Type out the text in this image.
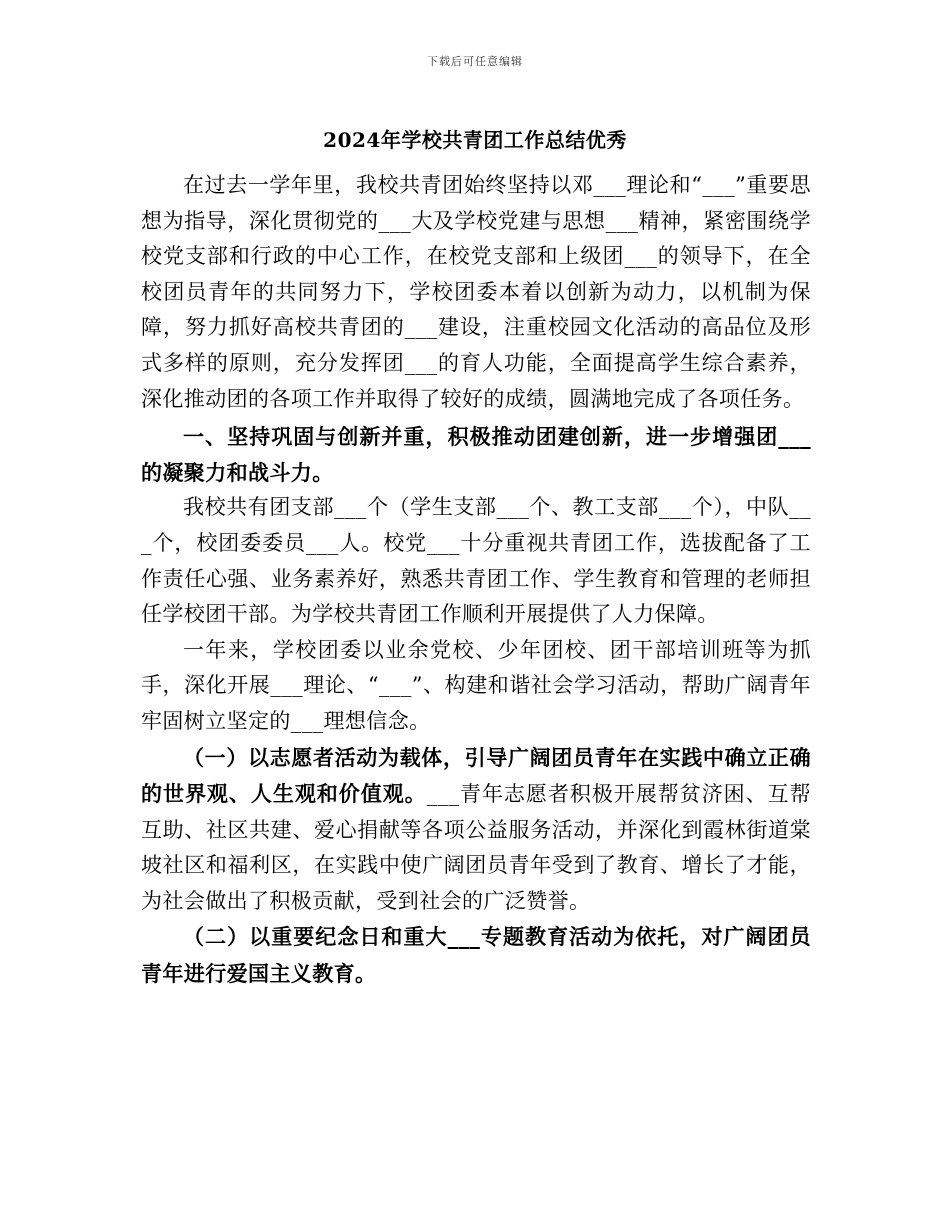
下载后可任意编辑
2024年学校共青团工作总结优秀

在过去一学年里，我校共青团始终坚持以邓___理论和“___”重要思想为指导，深化贯彻党的___大及学校党建与思想___精神，紧密围绕学校党支部和行政的中心工作，在校党支部和上级团___的领导下，在全校团员青年的共同努力下，学校团委本着以创新为动力，以机制为保障，努力抓好高校共青团的___建设，注重校园文化活动的高品位及形式多样的原则，充分发挥团___的育人功能，全面提高学生综合素养，深化推动团的各项工作并取得了较好的成绩，圆满地完成了各项任务。

一、坚持巩固与创新并重，积极推动团建创新，进一步增强团___的凝聚力和战斗力。

我校共有团支部___个（学生支部___个、教工支部___个），中队___个，校团委委员___人。校党___十分重视共青团工作，选拔配备了工作责任心强、业务素养好，熟悉共青团工作、学生教育和管理的老师担任学校团干部。为学校共青团工作顺利开展提供了人力保障。

一年来，学校团委以业余党校、少年团校、团干部培训班等为抓手，深化开展___理论、“___”、构建和谐社会学习活动，帮助广阔青年牢固树立坚定的___理想信念。

（一）以志愿者活动为载体，引导广阔团员青年在实践中确立正确的世界观、人生观和价值观。___青年志愿者积极开展帮贫济困、互帮互助、社区共建、爱心捐献等各项公益服务活动，并深化到霞林街道棠坡社区和福利区，在实践中使广阔团员青年受到了教育、增长了才能，为社会做出了积极贡献，受到社会的广泛赞誉。

（二）以重要纪念日和重大___专题教育活动为依托，对广阔团员青年进行爱国主义教育。
